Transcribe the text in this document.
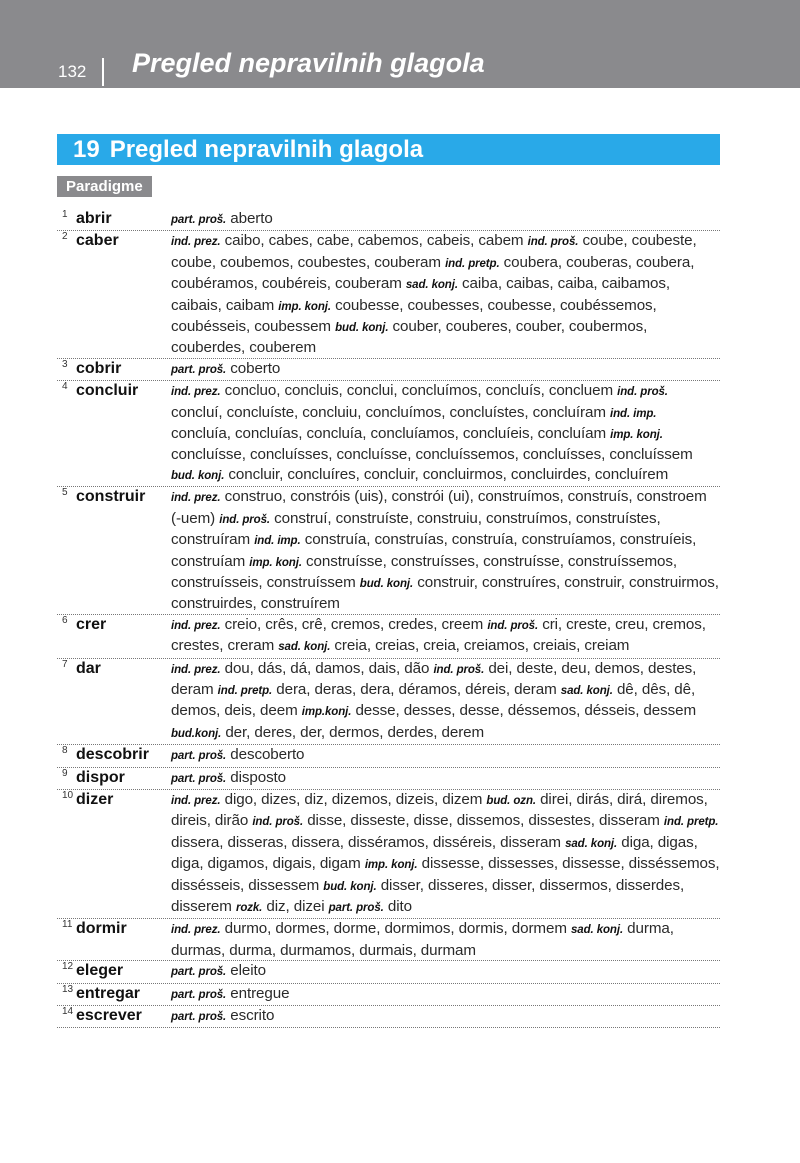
132 Pregled nepravilnih glagola
19 Pregled nepravilnih glagola
Paradigme
1 abrir	part. proš. aberto
2 caber	ind. prez. caibo, cabes, cabe, cabemos, cabeis, cabem ind. proš. coube, coubeste, coube, coubemos, coubestes, couberam ind. pretp. coubera, couberas, coubera, coubéramos, coubéreis, couberam sad. konj. caiba, caibas, caiba, caibamos, caibais, caibam imp. konj. coubesse, coubesses, coubesse, coubéssemos, coubésseis, coubessem bud. konj. couber, couberes, couber, coubermos, couberdes, couberem
3 cobrir	part. proš. coberto
4 concluir	ind. prez. concluo, concluis, conclui, concluímos, concluís, concluem ind. proš. concluí, concluíste, concluiu, concluímos, concluístes, concluíram ind. imp. concluía, concluías, concluía, concluíamos, concluíeis, concluíam imp. konj. concluísse, concluísses, concluísse, concluíssemos, concluísses, concluíssem bud. konj. concluir, concluíres, concluir, concluirmos, concluirdes, concluírem
5 construir ind. prez. construo, constróis (uis), constrói (ui), construímos, construís, constroem (-uem) ind. proš. construí, construíste, construiu, construímos, construístes, construíram ind. imp. construía, construías, construía, construíamos, construíeis, construíam imp. konj. construísse, construísses, construísse, construíssemos, construísseis, construíssem bud. konj. construir, construíres, construir, construirmos, construirdes, construírem
6 crer	ind. prez. creio, crês, crê, cremos, credes, creem ind. proš. cri, creste, creu, cremos, crestes, creram sad. konj. creia, creias, creia, creiamos, creiais, creiam
7 dar	ind. prez. dou, dás, dá, damos, dais, dão ind. proš. dei, deste, deu, demos, destes, deram ind. pretp. dera, deras, dera, déramos, déreis, deram sad. konj. dê, dês, dê, demos, deis, deem imp.konj. desse, desses, desse, déssemos, désseis, dessem bud.konj. der, deres, der, dermos, derdes, derem
8 descobrir part. proš. descoberto
9 dispor	part. proš. disposto
10 dizer	ind. prez. digo, dizes, diz, dizemos, dizeis, dizem bud. ozn. direi, dirás, dirá, diremos, direis, dirão ind. proš. disse, disseste, disse, dissemos, dissestes, disseram ind. pretp. dissera, disseras, dissera, disséramos, disséreis, disseram sad. konj. diga, digas, diga, digamos, digais, digam imp. konj. dissesse, dissesses, dissesse, disséssemos, dissésseis, dissessem bud. konj. disser, disseres, disser, dissermos, disserdes, disserem rozk. diz, dizei part. proš. dito
11 dormir	ind. prez. durmo, dormes, dorme, dormimos, dormis, dormem sad. konj. durma, durmas, durma, durmamos, durmais, durmam
12 eleger	part. proš. eleito
13 entregar	part. proš. entregue
14 escrever	part. proš. escrito
